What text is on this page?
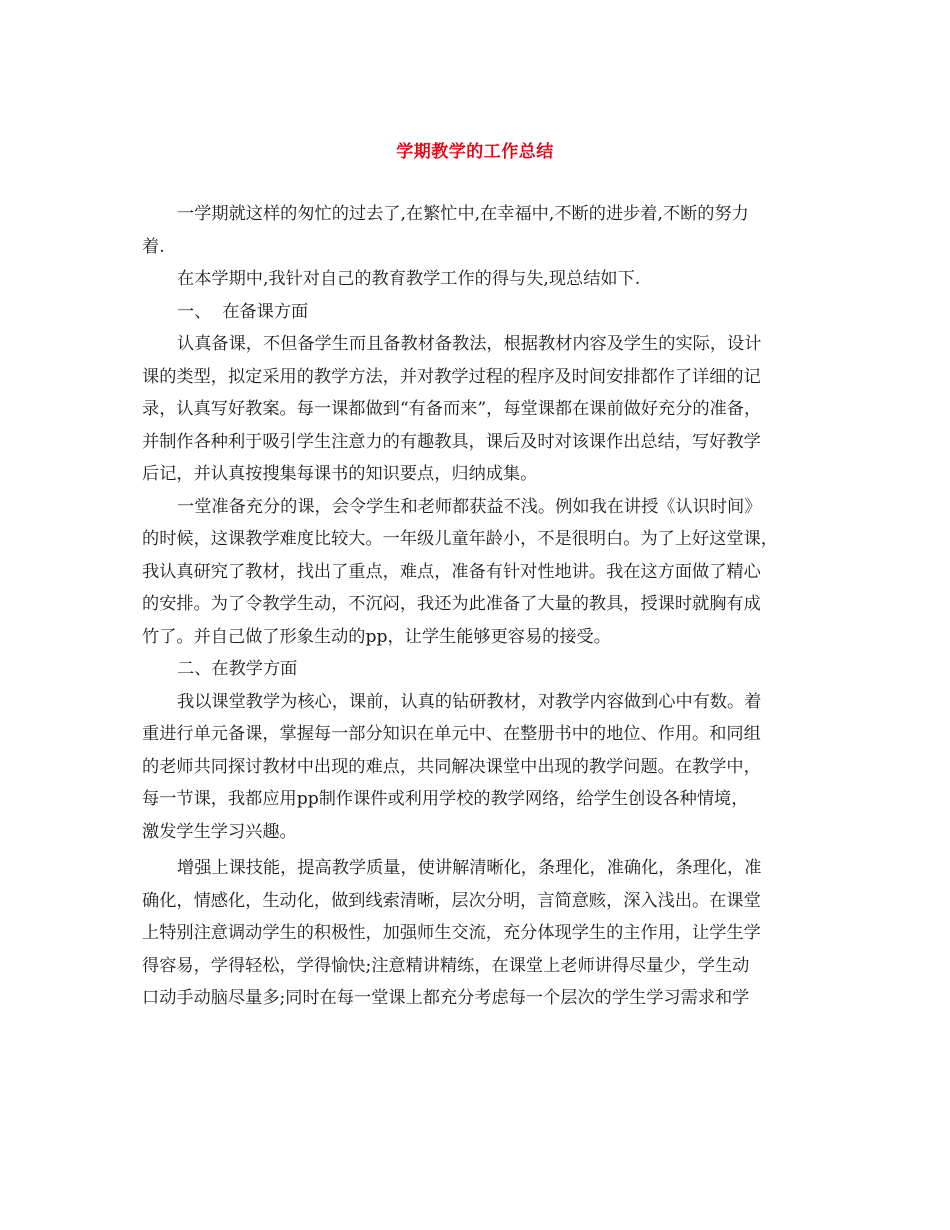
学期教学的工作总结
一学期就这样的匆忙的过去了,在繁忙中,在幸福中,不断的进步着,不断的努力
着.
在本学期中,我针对自己的教育教学工作的得与失,现总结如下.
一、  在备课方面
认真备课，不但备学生而且备教材备教法，根据教材内容及学生的实际，设计
课的类型，拟定采用的教学方法，并对教学过程的程序及时间安排都作了详细的记
录，认真写好教案。每一课都做到“有备而来”，每堂课都在课前做好充分的准备，
并制作各种利于吸引学生注意力的有趣教具，课后及时对该课作出总结，写好教学
后记，并认真按搜集每课书的知识要点，归纳成集。
一堂准备充分的课，会令学生和老师都获益不浅。例如我在讲授《认识时间》
的时候，这课教学难度比较大。一年级儿童年龄小，不是很明白。为了上好这堂课，
我认真研究了教材，找出了重点，难点，准备有针对性地讲。我在这方面做了精心
的安排。为了令教学生动，不沉闷，我还为此准备了大量的教具，授课时就胸有成
竹了。并自己做了形象生动的pp，让学生能够更容易的接受。
二、在教学方面
我以课堂教学为核心，课前，认真的钻研教材，对教学内容做到心中有数。着
重进行单元备课，掌握每一部分知识在单元中、在整册书中的地位、作用。和同组
的老师共同探讨教材中出现的难点，共同解决课堂中出现的教学问题。在教学中，
每一节课，我都应用pp制作课件或利用学校的教学网络，给学生创设各种情境，
激发学生学习兴趣。
增强上课技能，提高教学质量，使讲解清晰化，条理化，准确化，条理化，准
确化，情感化，生动化，做到线索清晰，层次分明，言简意赅，深入浅出。在课堂
上特别注意调动学生的积极性，加强师生交流，充分体现学生的主作用，让学生学
得容易，学得轻松，学得愉快;注意精讲精练，在课堂上老师讲得尽量少，学生动
口动手动脑尽量多;同时在每一堂课上都充分考虑每一个层次的学生学习需求和学
